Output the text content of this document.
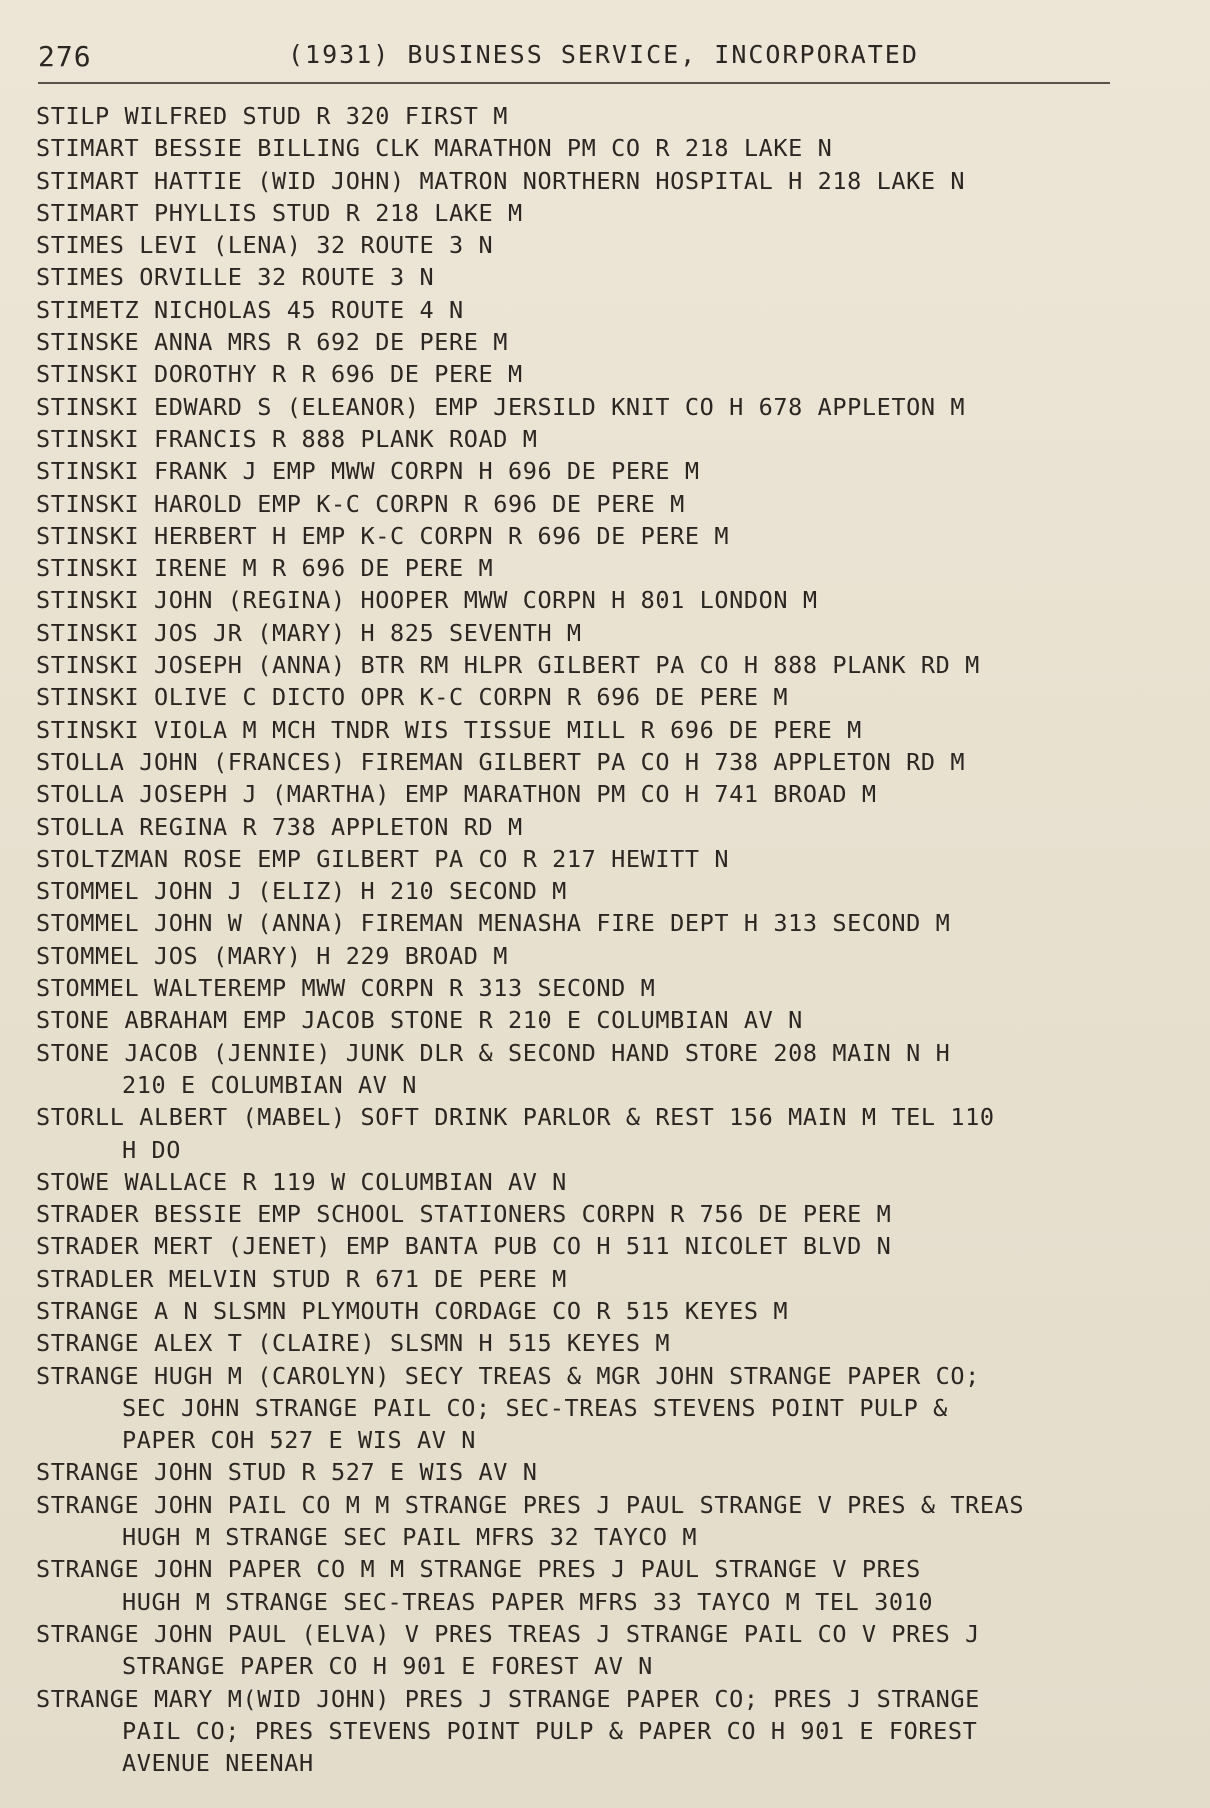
276	(1931) BUSINESS SERVICE, INCORPORATED
STILP WILFRED STUD R 320 FIRST M
STIMART BESSIE BILLING CLK MARATHON PM CO R 218 LAKE N
STIMART HATTIE (WID JOHN) MATRON NORTHERN HOSPITAL H 218 LAKE N
STIMART PHYLLIS STUD R 218 LAKE M
STIMES LEVI (LENA) 32 ROUTE 3 N
STIMES ORVILLE 32 ROUTE 3 N
STIMETZ NICHOLAS 45 ROUTE 4 N
STINSKE ANNA MRS R 692 DE PERE M
STINSKI DOROTHY R R 696 DE PERE M
STINSKI EDWARD S (ELEANOR) EMP JERSILD KNIT CO H 678 APPLETON M
STINSKI FRANCIS R 888 PLANK ROAD M
STINSKI FRANK J EMP MWW CORPN H 696 DE PERE M
STINSKI HAROLD EMP K-C CORPN R 696 DE PERE M
STINSKI HERBERT H EMP K-C CORPN R 696 DE PERE M
STINSKI IRENE M R 696 DE PERE M
STINSKI JOHN (REGINA) HOOPER MWW CORPN H 801 LONDON M
STINSKI JOS JR (MARY) H 825 SEVENTH M
STINSKI JOSEPH (ANNA) BTR RM HLPR GILBERT PA CO H 888 PLANK RD M
STINSKI OLIVE C DICTO OPR K-C CORPN R 696 DE PERE M
STINSKI VIOLA M MCH TNDR WIS TISSUE MILL R 696 DE PERE M
STOLLA JOHN (FRANCES) FIREMAN GILBERT PA CO H 738 APPLETON RD M
STOLLA JOSEPH J (MARTHA) EMP MARATHON PM CO H 741 BROAD M
STOLLA REGINA R 738 APPLETON RD M
STOLTZMAN ROSE EMP GILBERT PA CO R 217 HEWITT N
STOMMEL JOHN J (ELIZ) H 210 SECOND M
STOMMEL JOHN W (ANNA) FIREMAN MENASHA FIRE DEPT H 313 SECOND M
STOMMEL JOS (MARY) H 229 BROAD M
STOMMEL WALTEREMP MWW CORPN R 313 SECOND M
STONE ABRAHAM EMP JACOB STONE R 210 E COLUMBIAN AV N
STONE JACOB (JENNIE) JUNK DLR & SECOND HAND STORE 208 MAIN N H
210 E COLUMBIAN AV N
STORLL ALBERT (MABEL) SOFT DRINK PARLOR & REST 156 MAIN M TEL 110
H DO
STOWE WALLACE R 119 W COLUMBIAN AV N
STRADER BESSIE EMP SCHOOL STATIONERS CORPN R 756 DE PERE M
STRADER MERT (JENET) EMP BANTA PUB CO H 511 NICOLET BLVD N
STRADLER MELVIN STUD R 671 DE PERE M
STRANGE A N SLSMN PLYMOUTH CORDAGE CO R 515 KEYES M
STRANGE ALEX T (CLAIRE) SLSMN H 515 KEYES M
STRANGE HUGH M (CAROLYN) SECY TREAS & MGR JOHN STRANGE PAPER CO;
SEC JOHN STRANGE PAIL CO; SEC-TREAS STEVENS POINT PULP &
PAPER COH 527 E WIS AV N
STRANGE JOHN STUD R 527 E WIS AV N
STRANGE JOHN PAIL CO M M STRANGE PRES J PAUL STRANGE V PRES & TREAS
HUGH M STRANGE SEC PAIL MFRS 32 TAYCO M
STRANGE JOHN PAPER CO M M STRANGE PRES J PAUL STRANGE V PRES
HUGH M STRANGE SEC-TREAS PAPER MFRS 33 TAYCO M TEL 3010
STRANGE JOHN PAUL (ELVA) V PRES TREAS J STRANGE PAIL CO V PRES J
STRANGE PAPER CO H 901 E FOREST AV N
STRANGE MARY M(WID JOHN) PRES J STRANGE PAPER CO; PRES J STRANGE
PAIL CO; PRES STEVENS POINT PULP & PAPER CO H 901 E FOREST
AVENUE NEENAH
